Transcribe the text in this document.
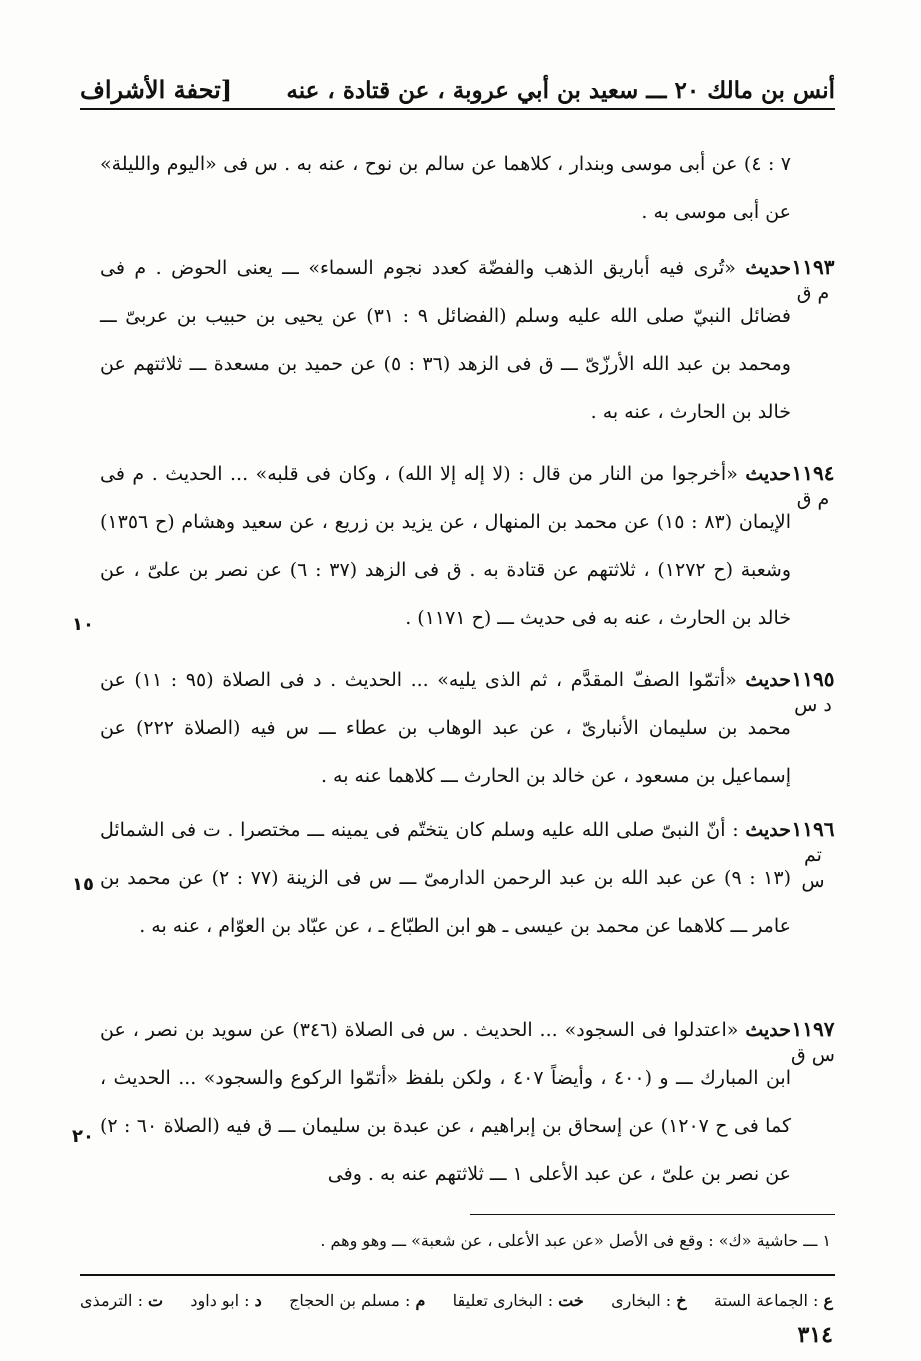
أنس بن مالك ٢٠ ـــ سعيد بن أبي عروبة ، عن قتادة ، عنه
[تحفة الأشراف
٧ : ٤) عن أبى موسى وبندار ، كلاهما عن سالم بن نوح ، عنه به . س فى «اليوم والليلة» عن أبى موسى به .
١١٩٣
م ق
حديث «تُرى فيه أباريق الذهب والفضّة كعدد نجوم السماء» ـــ يعنى الحوض . م فى فضائل النبيّ صلى الله عليه وسلم (الفضائل ٩ : ٣١) عن يحيى بن حبيب بن عربىّ ـــ ومحمد بن عبد الله الأرزّىّ ـــ ق فى الزهد (٣٦ : ٥) عن حميد بن مسعدة ـــ ثلاثتهم عن خالد بن الحارث ، عنه به .
١١٩٤
م ق
حديث «أخرجوا من النار من قال : (لا إله إلا الله) ، وكان فى قلبه» ... الحديث . م فى الإيمان (٨٣ : ١٥) عن محمد بن المنهال ، عن يزيد بن زريع ، عن سعيد وهشام (ح ١٣٥٦) وشعبة (ح ١٢٧٢) ، ثلاثتهم عن قتادة به . ق فى الزهد (٣٧ : ٦) عن نصر بن علىّ ، عن خالد بن الحارث ، عنه به فى حديث ـــ (ح ١١٧١) .
١١٩٥
د س
حديث «أتمّوا الصفّ المقدَّم ، ثم الذى يليه» ... الحديث . د فى الصلاة (٩٥ : ١١) عن محمد بن سليمان الأنبارىّ ، عن عبد الوهاب بن عطاء ـــ س فيه (الصلاة ٢٢٢) عن إسماعيل بن مسعود ، عن خالد بن الحارث ـــ كلاهما عنه به .
١١٩٦
تم س
حديث : أنّ النبىّ صلى الله عليه وسلم كان يتختّم فى يمينه ـــ مختصرا . ت فى الشمائل (١٣ : ٩) عن عبد الله بن عبد الرحمن الدارمىّ ـــ س فى الزينة (٧٧ : ٢) عن محمد بن عامر ـــ كلاهما عن محمد بن عيسى ـ هو ابن الطبّاع ـ ، عن عبّاد بن العوّام ، عنه به .
١١٩٧
س ق
حديث «اعتدلوا فى السجود» ... الحديث . س فى الصلاة (٣٤٦) عن سويد بن نصر ، عن ابن المبارك ـــ و (٤٠٠ ، وأيضاً ٤٠٧ ، ولكن بلفظ «أتمّوا الركوع والسجود» ... الحديث ، كما فى ح ١٢٠٧) عن إسحاق بن إبراهيم ، عن عبدة بن سليمان ـــ ق فيه (الصلاة ٦٠ : ٢) عن نصر بن علىّ ، عن عبد الأعلى ١ ـــ ثلاثتهم عنه به . وفى
١٠
١٥
٢٠
١ ـــ حاشية «ك» : وقع فى الأصل «عن عبد الأعلى ، عن شعبة» ـــ وهو وهم .
ع : الجماعة الستة
خ : البخارى
خت : البخارى تعليقا
م : مسلم بن الحجاج
د : ابو داود
ت : الترمذى
٣١٤
